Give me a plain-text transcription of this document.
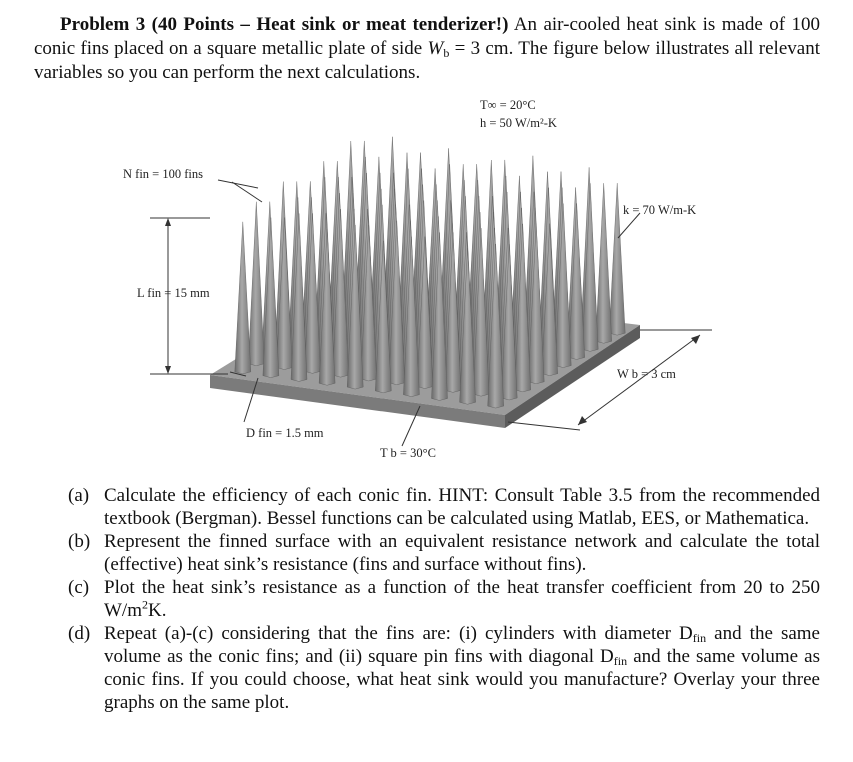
Problem 3 (40 Points – Heat sink or meat tenderizer!) An air-cooled heat sink is made of 100 conic fins placed on a square metallic plate of side $W_b = 3$ cm. The figure below illustrates all relevant variables so you can perform the next calculations.

T∞ = 20°C
h = 50 W/m²-K
N fin = 100 fins
L fin = 15 mm
k = 70 W/m-K
W b = 3 cm
D fin = 1.5 mm
T b = 30°C
(a) Calculate the efficiency of each conic fin. HINT: Consult Table 3.5 from the recommended textbook (Bergman). Bessel functions can be calculated using Matlab, EES, or Mathematica.
(b) Represent the finned surface with an equivalent resistance network and calculate the total (effective) heat sink’s resistance (fins and surface without fins).
(c) Plot the heat sink’s resistance as a function of the heat transfer coefficient from 20 to 250 $W/m^2K$.
(d) Repeat (a)-(c) considering that the fins are: (i) cylinders with diameter $D_{fin}$ and the same volume as the conic fins; and (ii) square pin fins with diagonal $D_{fin}$ and the same volume as conic fins. If you could choose, what heat sink would you manufacture? Overlay your three graphs on the same plot.
